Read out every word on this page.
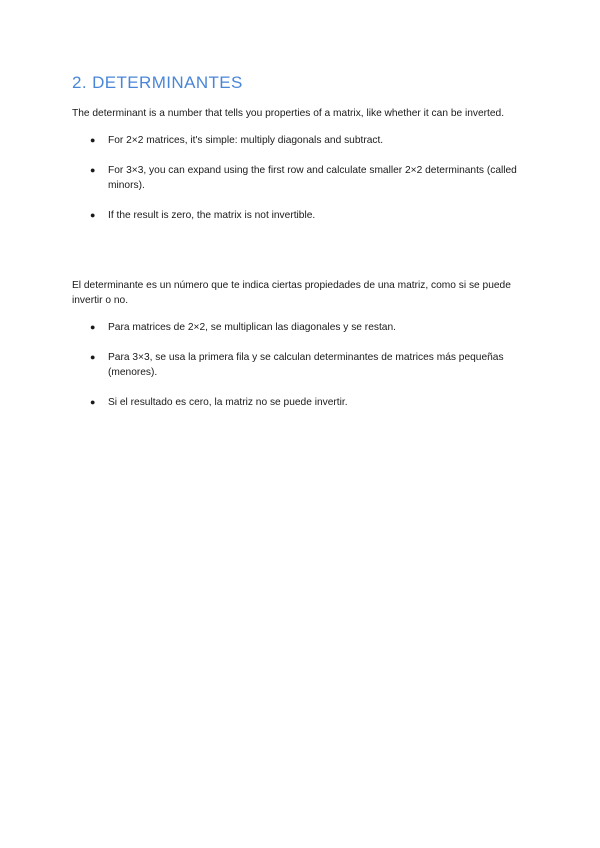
2. DETERMINANTES

The determinant is a number that tells you properties of a matrix, like whether it can be inverted.

● For 2×2 matrices, it's simple: multiply diagonals and subtract.
● For 3×3, you can expand using the first row and calculate smaller 2×2 determinants (called minors).
● If the result is zero, the matrix is not invertible.

El determinante es un número que te indica ciertas propiedades de una matriz, como si se puede invertir o no.

● Para matrices de 2×2, se multiplican las diagonales y se restan.
● Para 3×3, se usa la primera fila y se calculan determinantes de matrices más pequeñas (menores).
● Si el resultado es cero, la matriz no se puede invertir.
